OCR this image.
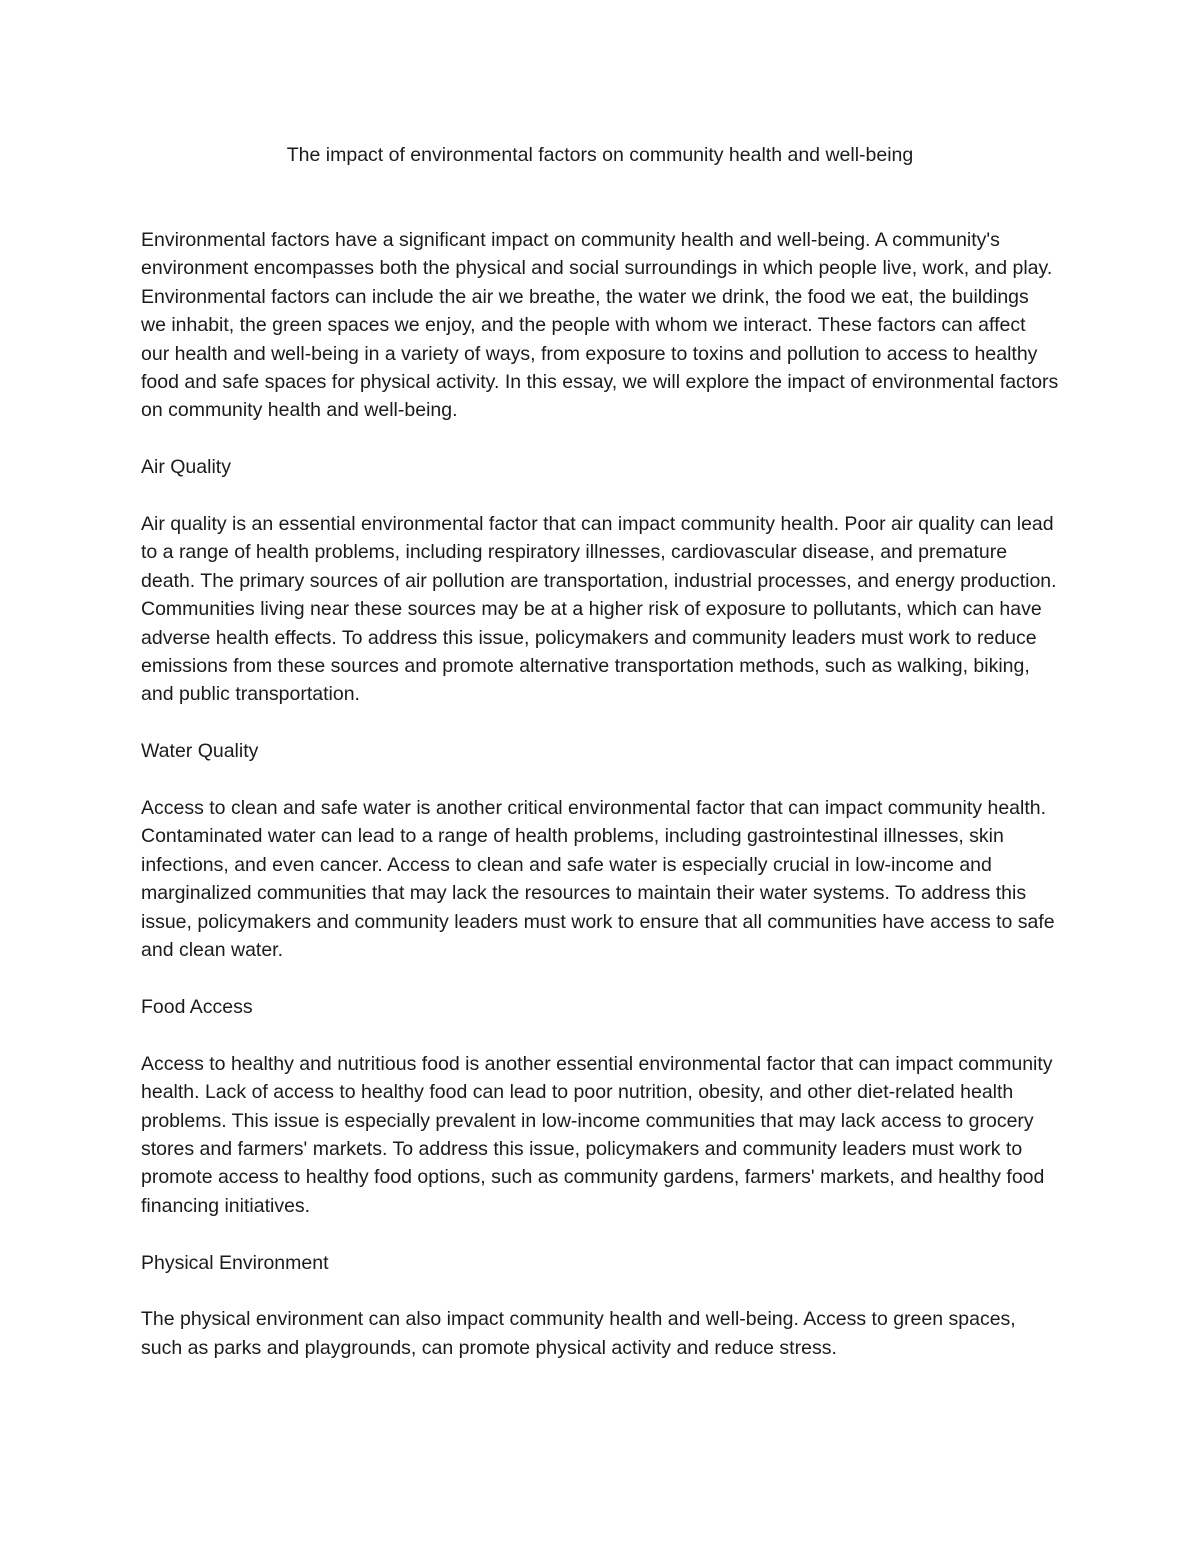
The impact of environmental factors on community health and well-being

Environmental factors have a significant impact on community health and well-being. A community's environment encompasses both the physical and social surroundings in which people live, work, and play. Environmental factors can include the air we breathe, the water we drink, the food we eat, the buildings we inhabit, the green spaces we enjoy, and the people with whom we interact. These factors can affect our health and well-being in a variety of ways, from exposure to toxins and pollution to access to healthy food and safe spaces for physical activity. In this essay, we will explore the impact of environmental factors on community health and well-being.

Air Quality

Air quality is an essential environmental factor that can impact community health. Poor air quality can lead to a range of health problems, including respiratory illnesses, cardiovascular disease, and premature death. The primary sources of air pollution are transportation, industrial processes, and energy production. Communities living near these sources may be at a higher risk of exposure to pollutants, which can have adverse health effects. To address this issue, policymakers and community leaders must work to reduce emissions from these sources and promote alternative transportation methods, such as walking, biking, and public transportation.

Water Quality

Access to clean and safe water is another critical environmental factor that can impact community health. Contaminated water can lead to a range of health problems, including gastrointestinal illnesses, skin infections, and even cancer. Access to clean and safe water is especially crucial in low-income and marginalized communities that may lack the resources to maintain their water systems. To address this issue, policymakers and community leaders must work to ensure that all communities have access to safe and clean water.

Food Access

Access to healthy and nutritious food is another essential environmental factor that can impact community health. Lack of access to healthy food can lead to poor nutrition, obesity, and other diet-related health problems. This issue is especially prevalent in low-income communities that may lack access to grocery stores and farmers' markets. To address this issue, policymakers and community leaders must work to promote access to healthy food options, such as community gardens, farmers' markets, and healthy food financing initiatives.

Physical Environment

The physical environment can also impact community health and well-being. Access to green spaces, such as parks and playgrounds, can promote physical activity and reduce stress.
